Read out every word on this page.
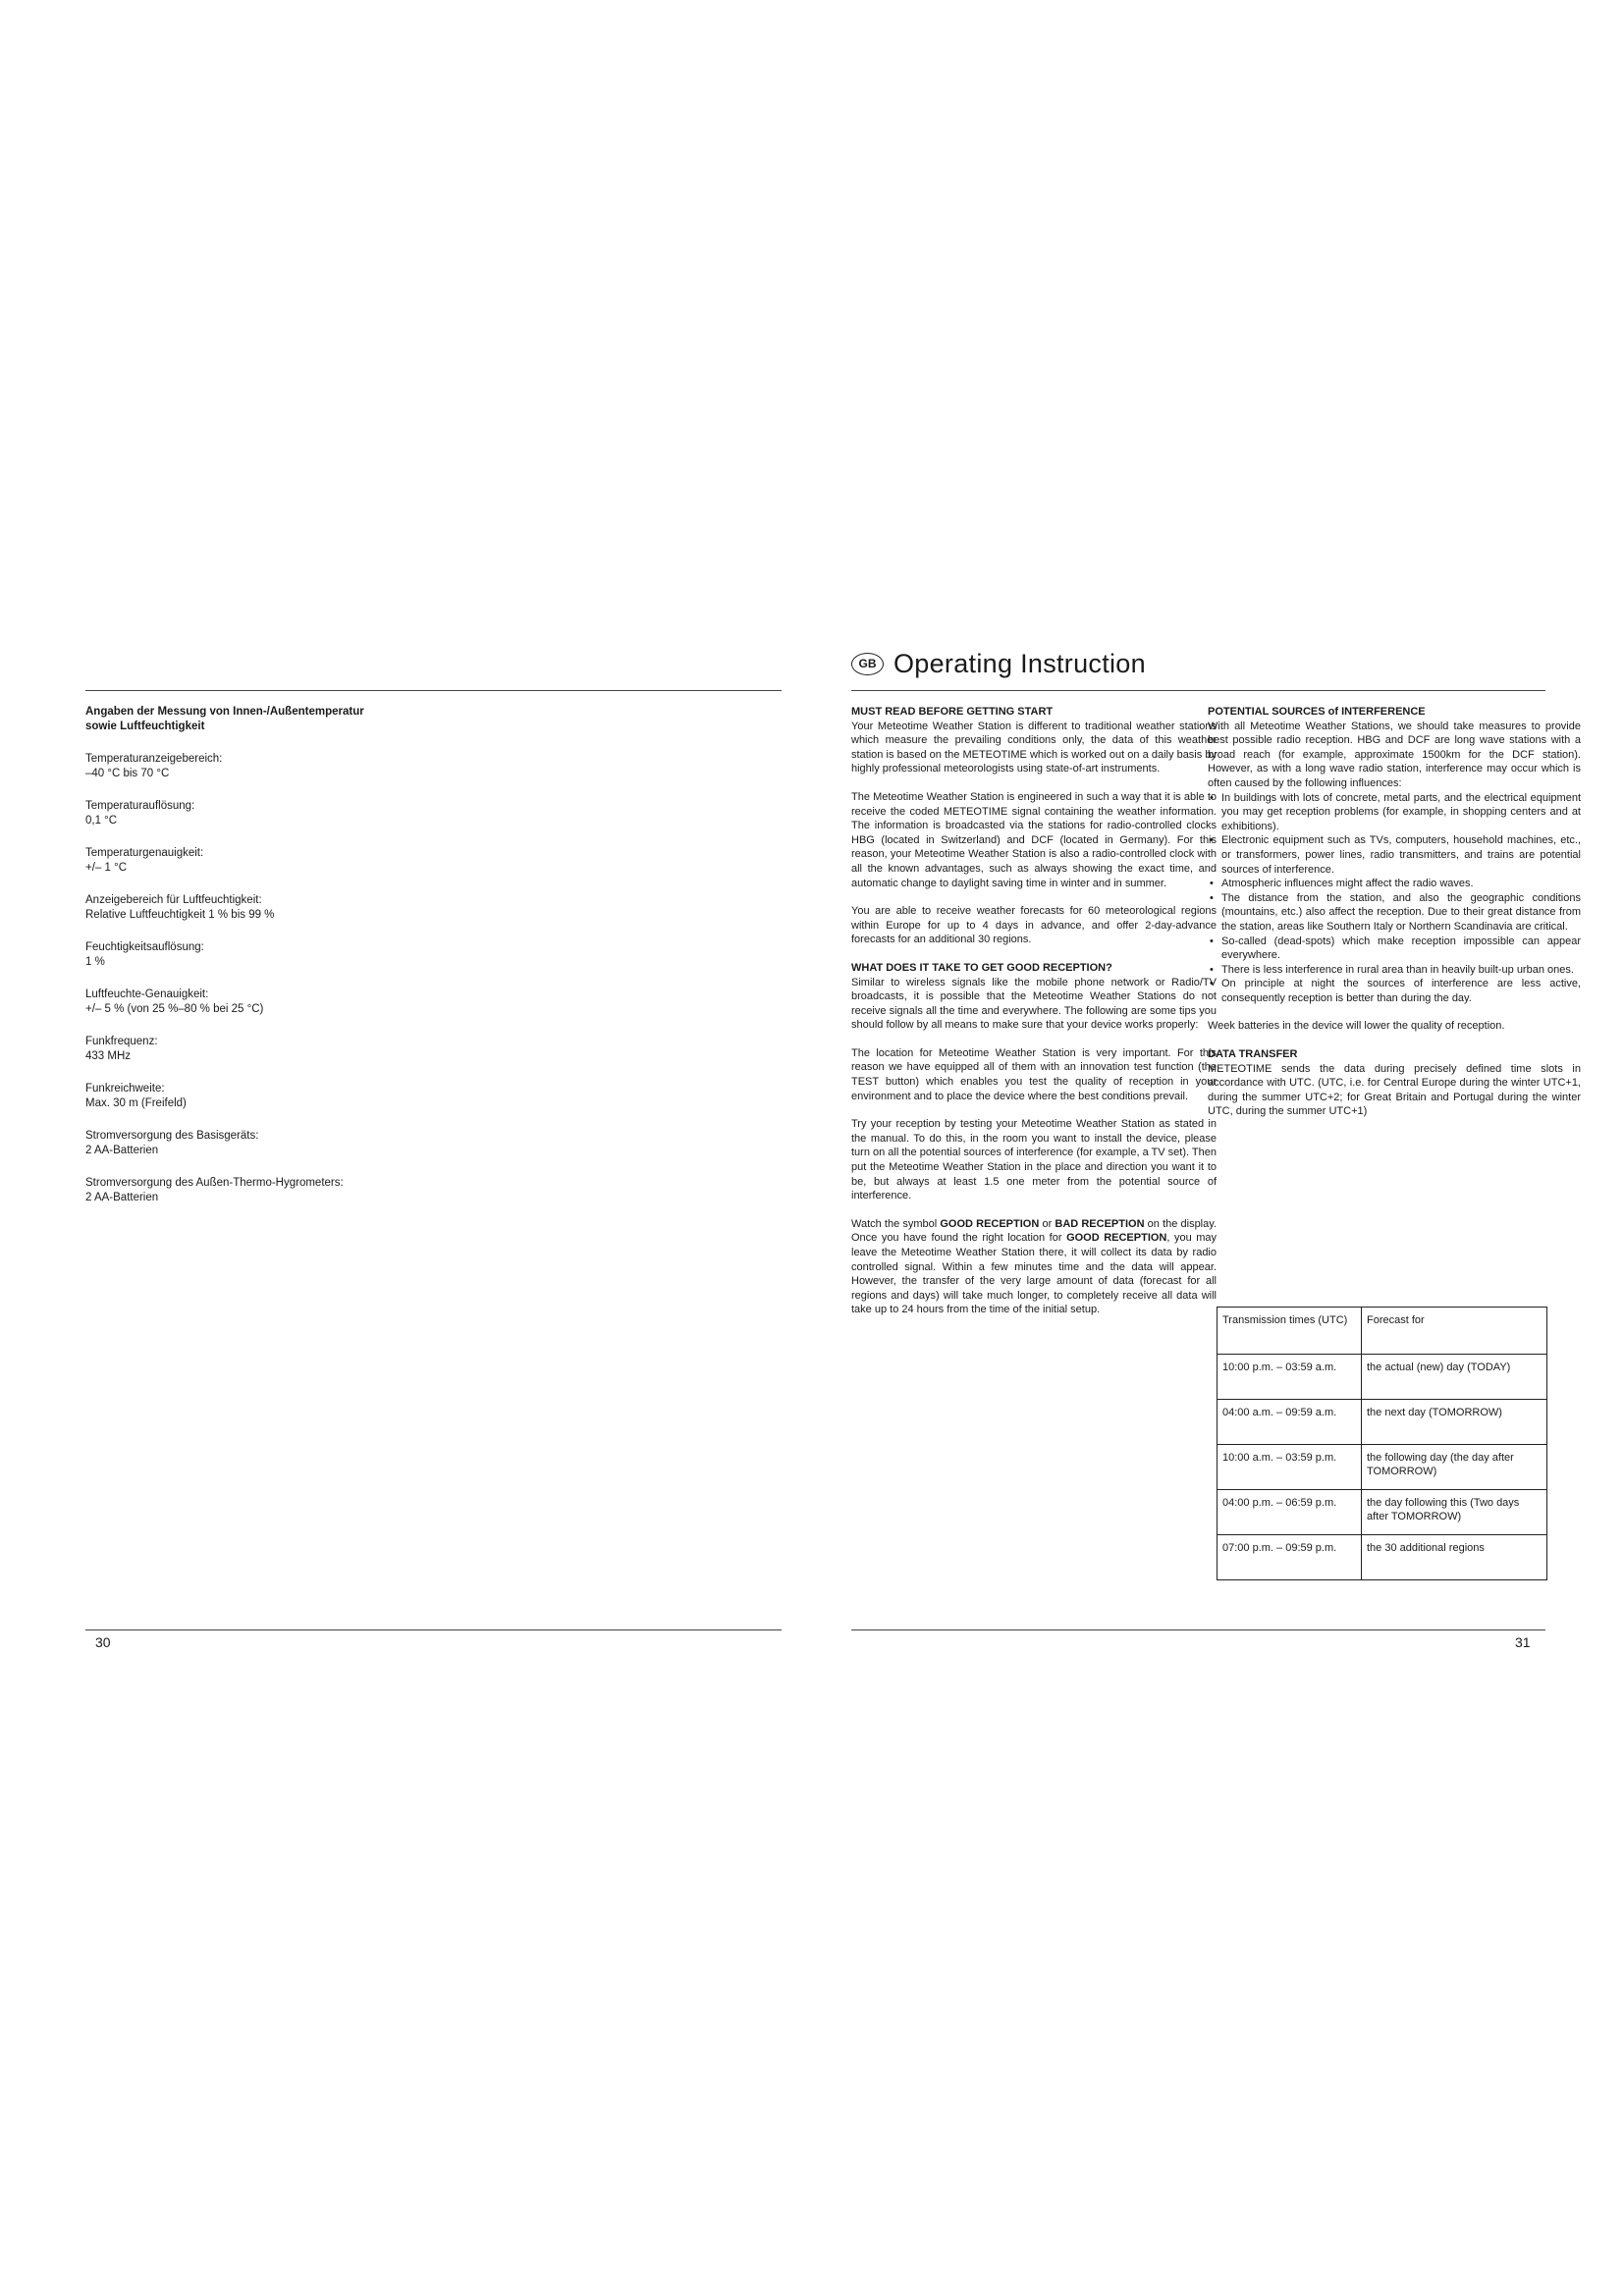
Angaben der Messung von Innen-/Außentemperatur
sowie Luftfeuchtigkeit
Temperaturanzeigebereich:
–40 °C bis 70 °C
Temperaturauflösung:
0,1 °C
Temperaturgenauigkeit:
+/– 1 °C
Anzeigebereich für Luftfeuchtigkeit:
Relative Luftfeuchtigkeit 1 % bis 99 %
Feuchtigkeitsauflösung:
1 %
Luftfeuchte-Genauigkeit:
+/– 5 % (von 25 %–80 % bei 25 °C)
Funkfrequenz:
433 MHz
Funkreichweite:
Max. 30 m (Freifeld)
Stromversorgung des Basisgeräts:
2 AA-Batterien
Stromversorgung des Außen-Thermo-Hygrometers:
2 AA-Batterien
30
GB Operating Instruction
MUST READ BEFORE GETTING START

Your Meteotime Weather Station is different to traditional weather stations which measure the prevailing conditions only, the data of this weather station is based on the METEOTIME which is worked out on a daily basis by highly professional meteorologists using state-of-art instruments.

The Meteotime Weather Station is engineered in such a way that it is able to receive the coded METEOTIME signal containing the weather information. The information is broadcasted via the stations for radio-controlled clocks HBG (located in Switzerland) and DCF (located in Germany). For this reason, your Meteotime Weather Station is also a radio-controlled clock with all the known advantages, such as always showing the exact time, and automatic change to daylight saving time in winter and in summer.

You are able to receive weather forecasts for 60 meteorological regions within Europe for up to 4 days in advance, and offer 2-day-advance forecasts for an additional 30 regions.

WHAT DOES IT TAKE TO GET GOOD RECEPTION?

Similar to wireless signals like the mobile phone network or Radio/TV broadcasts, it is possible that the Meteotime Weather Stations do not receive signals all the time and everywhere. The following are some tips you should follow by all means to make sure that your device works properly:

The location for Meteotime Weather Station is very important. For this reason we have equipped all of them with an innovation test function (the TEST button) which enables you test the quality of reception in your environment and to place the device where the best conditions prevail.

Try your reception by testing your Meteotime Weather Station as stated in the manual. To do this, in the room you want to install the device, please turn on all the potential sources of interference (for example, a TV set). Then put the Meteotime Weather Station in the place and direction you want it to be, but always at least 1.5 one meter from the potential source of interference.

Watch the symbol GOOD RECEPTION or BAD RECEPTION on the display. Once you have found the right location for GOOD RECEPTION, you may leave the Meteotime Weather Station there, it will collect its data by radio controlled signal. Within a few minutes time and the data will appear. However, the transfer of the very large amount of data (forecast for all regions and days) will take much longer, to completely receive all data will take up to 24 hours from the time of the initial setup.

POTENTIAL SOURCES of INTERFERENCE

With all Meteotime Weather Stations, we should take measures to provide best possible radio reception. HBG and DCF are long wave stations with a broad reach (for example, approximate 1500km for the DCF station). However, as with a long wave radio station, interference may occur which is often caused by the following influences:

• In buildings with lots of concrete, metal parts, and the electrical equipment you may get reception problems (for example, in shopping centers and at exhibitions).
• Electronic equipment such as TVs, computers, household machines, etc., or transformers, power lines, radio transmitters, and trains are potential sources of interference.
• Atmospheric influences might affect the radio waves.
• The distance from the station, and also the geographic conditions (mountains, etc.) also affect the reception. Due to their great distance from the station, areas like Southern Italy or Northern Scandinavia are critical.
• So-called (dead-spots) which make reception impossible can appear everywhere.
• There is less interference in rural area than in heavily built-up urban ones.
• On principle at night the sources of interference are less active, consequently reception is better than during the day.

Week batteries in the device will lower the quality of reception.

DATA TRANSFER

METEOTIME sends the data during precisely defined time slots in accordance with UTC. (UTC, i.e. for Central Europe during the winter UTC+1, during the summer UTC+2; for Great Britain and Portugal during the winter UTC, during the summer UTC+1)

Transmission times (UTC)	Forecast for
10:00 p.m. – 03:59 a.m.	the actual (new) day (TODAY)
04:00 a.m. – 09:59 a.m.	the next day (TOMORROW)
10:00 a.m. – 03:59 p.m.	the following day (the day after TOMORROW)
04:00 p.m. – 06:59 p.m.	the day following this (Two days after TOMORROW)
07:00 p.m. – 09:59 p.m.	the 30 additional regions
31
